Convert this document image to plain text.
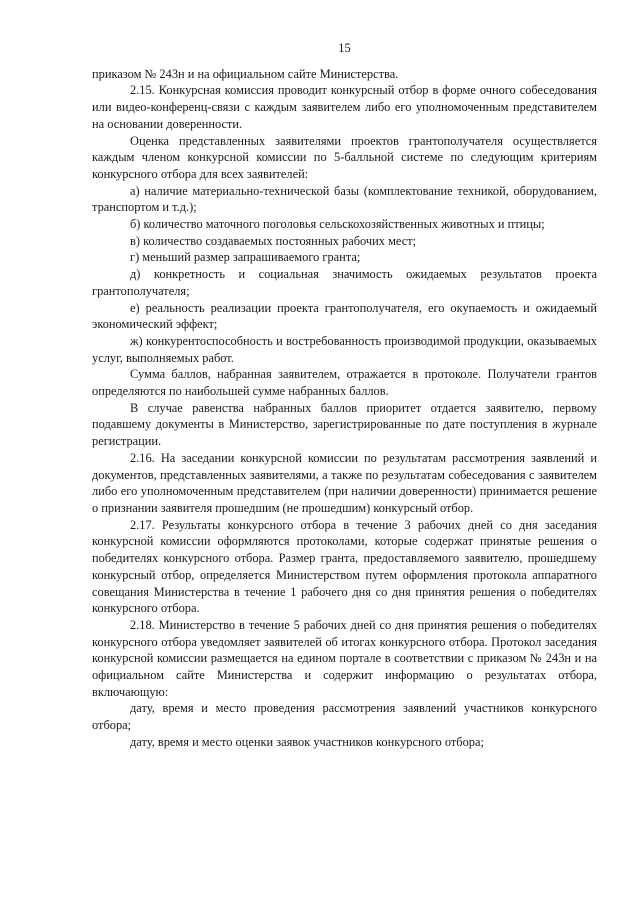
15

приказом № 243н и на официальном сайте Министерства.

2.15. Конкурсная комиссия проводит конкурсный отбор в форме очного собеседования или видео-конференц-связи с каждым заявителем либо его уполномоченным представителем на основании доверенности.

Оценка представленных заявителями проектов грантополучателя осуществляется каждым членом конкурсной комиссии по 5-балльной системе по следующим критериям конкурсного отбора для всех заявителей:

а) наличие материально-технической базы (комплектование техникой, оборудованием, транспортом и т.д.);

б) количество маточного поголовья сельскохозяйственных животных и птицы;

в) количество создаваемых постоянных рабочих мест;

г) меньший размер запрашиваемого гранта;

д) конкретность и социальная значимость ожидаемых результатов проекта грантополучателя;

е) реальность реализации проекта грантополучателя, его окупаемость и ожидаемый экономический эффект;

ж) конкурентоспособность и востребованность производимой продукции, оказываемых услуг, выполняемых работ.

Сумма баллов, набранная заявителем, отражается в протоколе. Получатели грантов определяются по наибольшей сумме набранных баллов.

В случае равенства набранных баллов приоритет отдается заявителю, первому подавшему документы в Министерство, зарегистрированные по дате поступления в журнале регистрации.

2.16. На заседании конкурсной комиссии по результатам рассмотрения заявлений и документов, представленных заявителями, а также по результатам собеседования с заявителем либо его уполномоченным представителем (при наличии доверенности) принимается решение о признании заявителя прошедшим (не прошедшим) конкурсный отбор.

2.17. Результаты конкурсного отбора в течение 3 рабочих дней со дня заседания конкурсной комиссии оформляются протоколами, которые содержат принятые решения о победителях конкурсного отбора. Размер гранта, предоставляемого заявителю, прошедшему конкурсный отбор, определяется Министерством путем оформления протокола аппаратного совещания Министерства в течение 1 рабочего дня со дня принятия решения о победителях конкурсного отбора.

2.18. Министерство в течение 5 рабочих дней со дня принятия решения о победителях конкурсного отбора уведомляет заявителей об итогах конкурсного отбора. Протокол заседания конкурсной комиссии размещается на едином портале в соответствии с приказом № 243н и на официальном сайте Министерства и содержит информацию о результатах отбора, включающую:

дату, время и место проведения рассмотрения заявлений участников конкурсного отбора;

дату, время и место оценки заявок участников конкурсного отбора;
